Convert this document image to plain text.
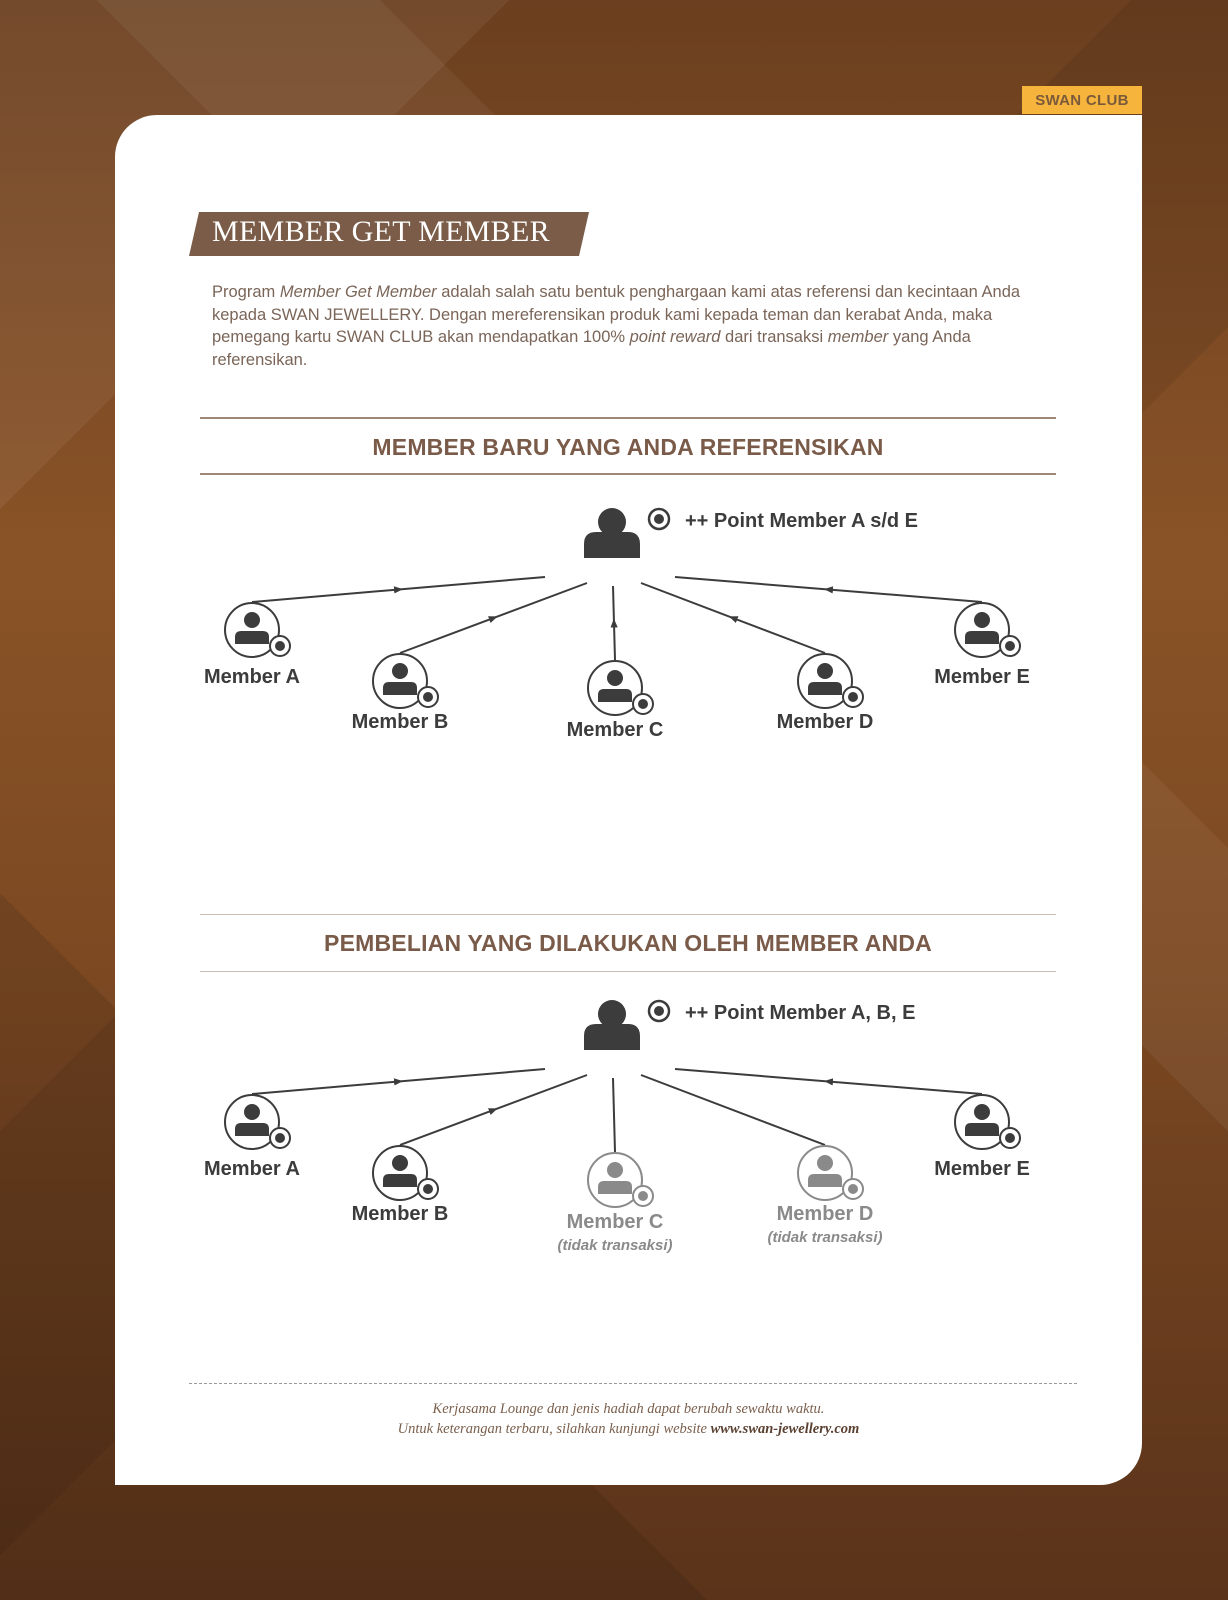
SWAN CLUB
MEMBER GET MEMBER
Program Member Get Member adalah salah satu bentuk penghargaan kami atas referensi dan kecintaan Anda kepada SWAN JEWELLERY. Dengan mereferensikan produk kami kepada teman dan kerabat Anda, maka pemegang kartu SWAN CLUB akan mendapatkan 100% point reward dari transaksi member yang Anda referensikan.
MEMBER BARU YANG ANDA REFERENSIKAN
++ Point Member A s/d E
Member A
Member B	Member C	Member D
Member E
PEMBELIAN YANG DILAKUKAN OLEH MEMBER ANDA
++ Point Member A, B, E
Member A
Member B	Member C
(tidak transaksi)
Member D
(tidak transaksi)
Member E
Kerjasama Lounge dan jenis hadiah dapat berubah sewaktu waktu.
Untuk keterangan terbaru, silahkan kunjungi website www.swan-jewellery.com
